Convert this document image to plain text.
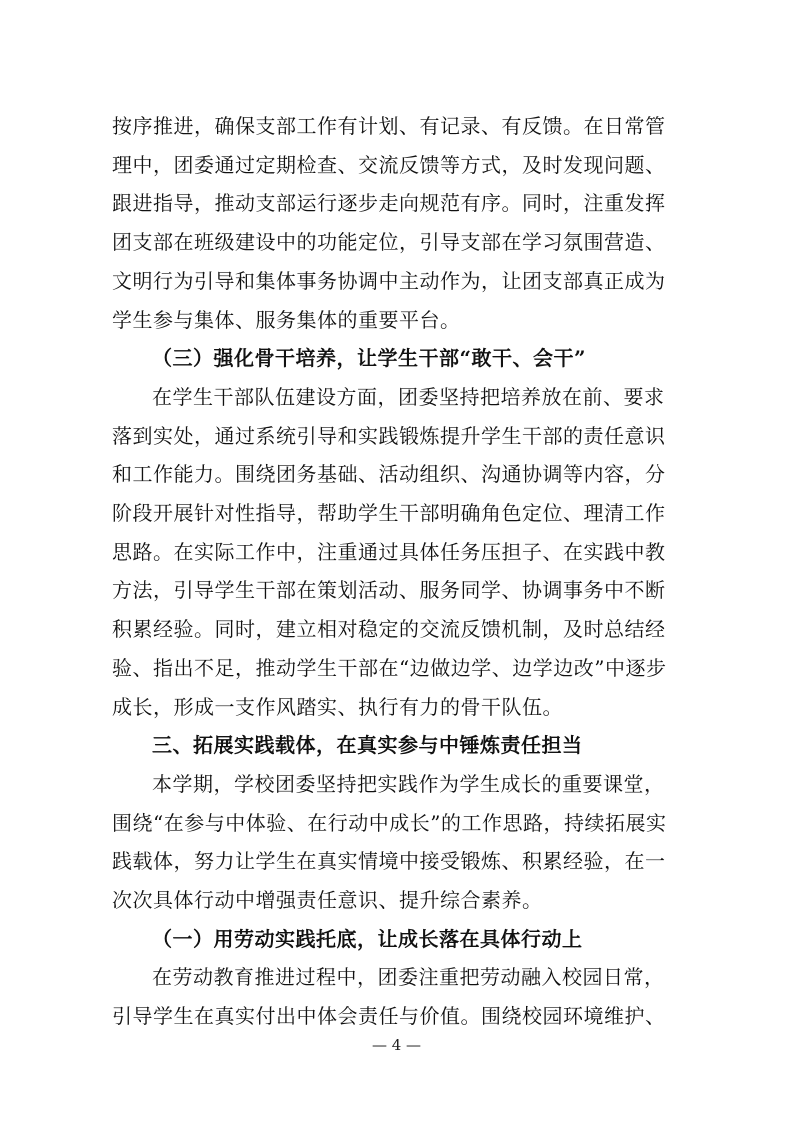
按序推进，确保支部工作有计划、有记录、有反馈。在日常管
理中，团委通过定期检查、交流反馈等方式，及时发现问题、
跟进指导，推动支部运行逐步走向规范有序。同时，注重发挥
团支部在班级建设中的功能定位，引导支部在学习氛围营造、
文明行为引导和集体事务协调中主动作为，让团支部真正成为
学生参与集体、服务集体的重要平台。
（三）强化骨干培养，让学生干部“敢干、会干”
在学生干部队伍建设方面，团委坚持把培养放在前、要求
落到实处，通过系统引导和实践锻炼提升学生干部的责任意识
和工作能力。围绕团务基础、活动组织、沟通协调等内容，分
阶段开展针对性指导，帮助学生干部明确角色定位、理清工作
思路。在实际工作中，注重通过具体任务压担子、在实践中教
方法，引导学生干部在策划活动、服务同学、协调事务中不断
积累经验。同时，建立相对稳定的交流反馈机制，及时总结经
验、指出不足，推动学生干部在“边做边学、边学边改”中逐步
成长，形成一支作风踏实、执行有力的骨干队伍。
三、拓展实践载体，在真实参与中锤炼责任担当
本学期，学校团委坚持把实践作为学生成长的重要课堂，
围绕“在参与中体验、在行动中成长”的工作思路，持续拓展实
践载体，努力让学生在真实情境中接受锻炼、积累经验，在一
次次具体行动中增强责任意识、提升综合素养。
（一）用劳动实践托底，让成长落在具体行动上
在劳动教育推进过程中，团委注重把劳动融入校园日常，
引导学生在真实付出中体会责任与价值。围绕校园环境维护、
— 4 —
